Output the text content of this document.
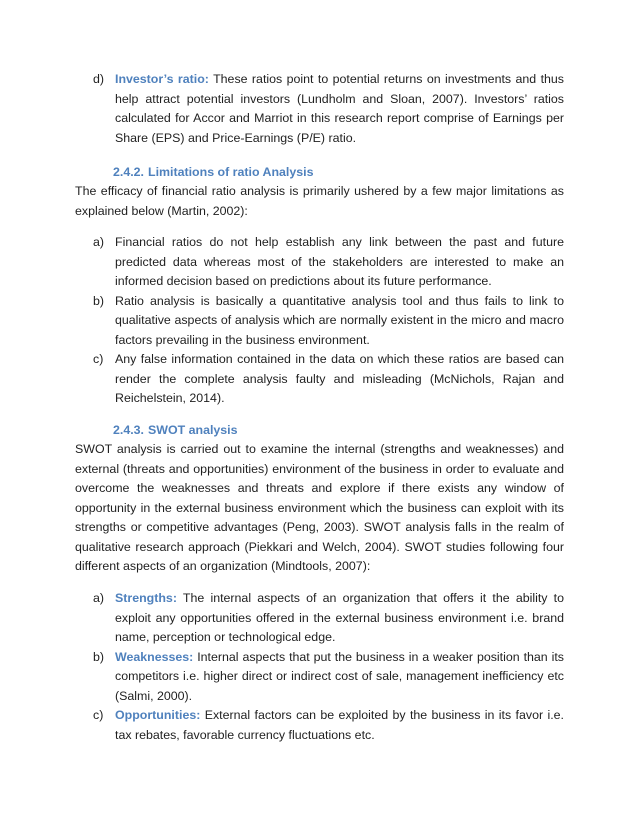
d) Investor’s ratio: These ratios point to potential returns on investments and thus help attract potential investors (Lundholm and Sloan, 2007). Investors’ ratios calculated for Accor and Marriot in this research report comprise of Earnings per Share (EPS) and Price-Earnings (P/E) ratio.
2.4.2. Limitations of ratio Analysis
The efficacy of financial ratio analysis is primarily ushered by a few major limitations as explained below (Martin, 2002):
a) Financial ratios do not help establish any link between the past and future predicted data whereas most of the stakeholders are interested to make an informed decision based on predictions about its future performance.
b) Ratio analysis is basically a quantitative analysis tool and thus fails to link to qualitative aspects of analysis which are normally existent in the micro and macro factors prevailing in the business environment.
c) Any false information contained in the data on which these ratios are based can render the complete analysis faulty and misleading (McNichols, Rajan and Reichelstein, 2014).
2.4.3. SWOT analysis
SWOT analysis is carried out to examine the internal (strengths and weaknesses) and external (threats and opportunities) environment of the business in order to evaluate and overcome the weaknesses and threats and explore if there exists any window of opportunity in the external business environment which the business can exploit with its strengths or competitive advantages (Peng, 2003). SWOT analysis falls in the realm of qualitative research approach (Piekkari and Welch, 2004). SWOT studies following four different aspects of an organization (Mindtools, 2007):
a) Strengths: The internal aspects of an organization that offers it the ability to exploit any opportunities offered in the external business environment i.e. brand name, perception or technological edge.
b) Weaknesses: Internal aspects that put the business in a weaker position than its competitors i.e. higher direct or indirect cost of sale, management inefficiency etc (Salmi, 2000).
c) Opportunities: External factors can be exploited by the business in its favor i.e. tax rebates, favorable currency fluctuations etc.
